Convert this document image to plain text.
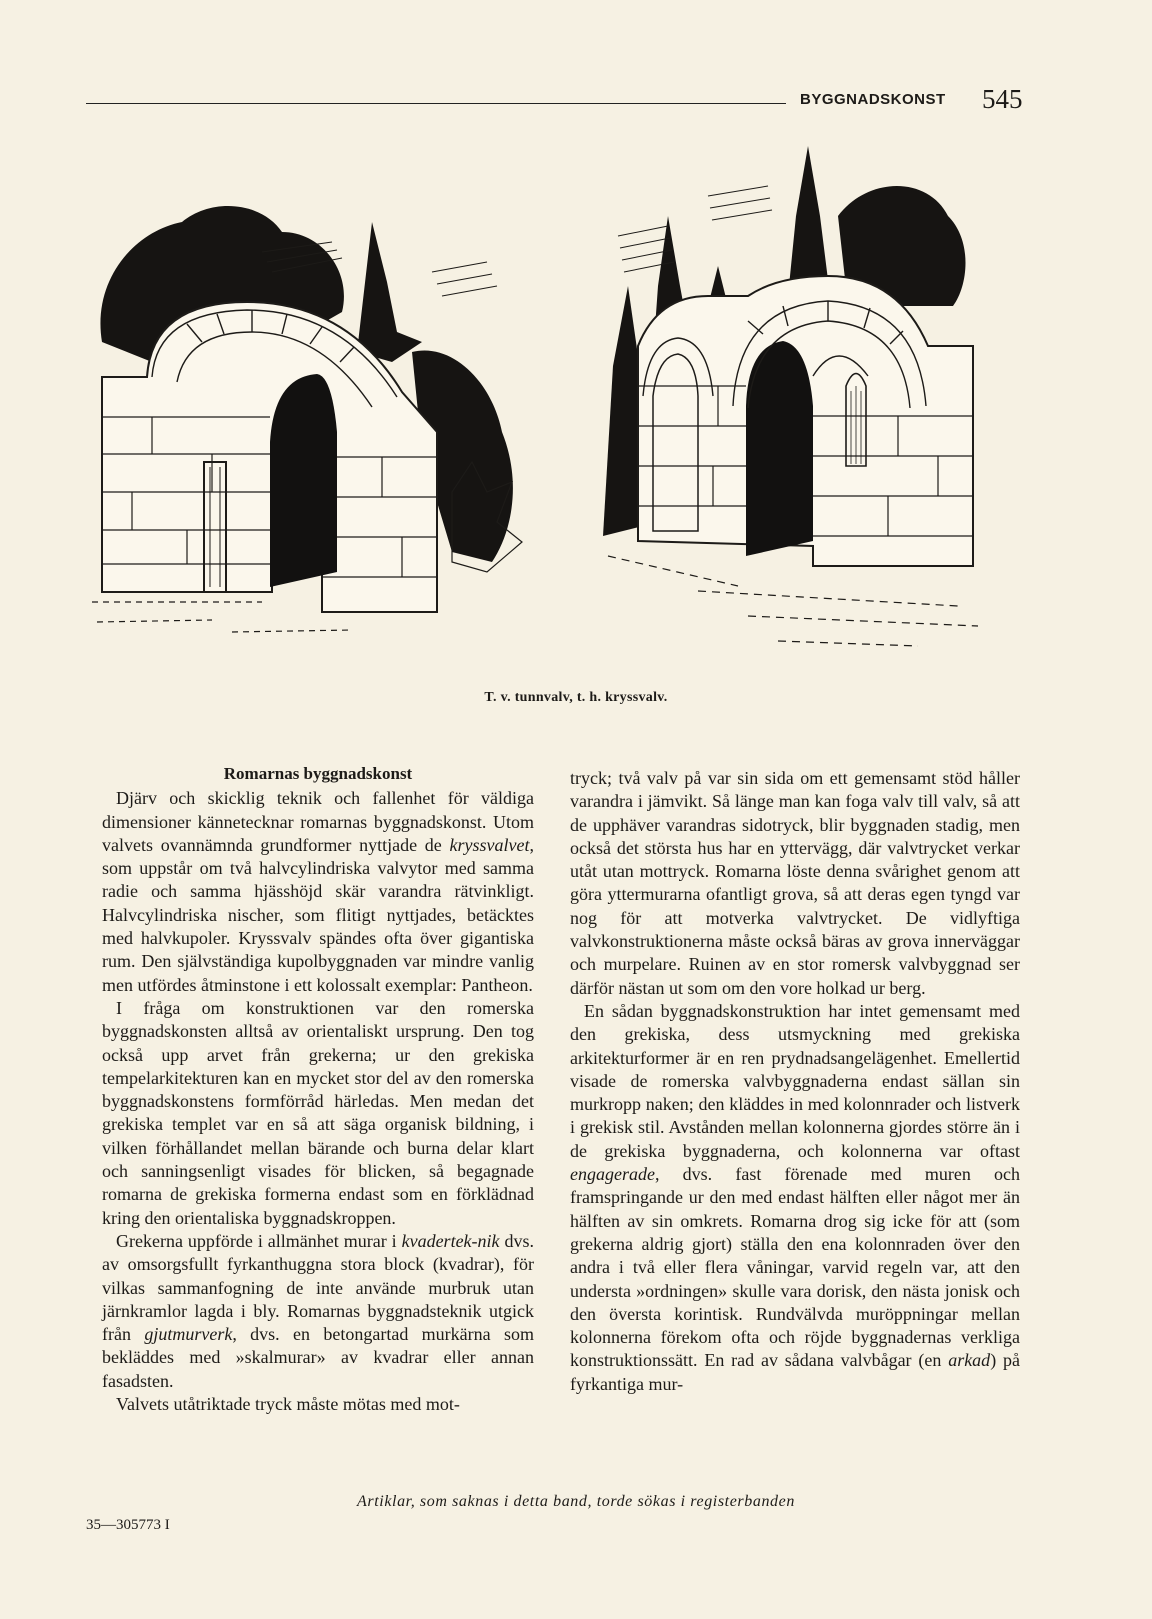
BYGGNADSKONST 545
T. v. tunnvalv, t. h. kryssvalv.
Romarnas byggnadskonst

Djärv och skicklig teknik och fallenhet för väldiga dimensioner kännetecknar romarnas byggnadskonst. Utom valvets ovannämnda grundformer nyttjade de kryssvalvet, som uppstår om två halvcylindriska valvytor med samma radie och samma hjässhöjd skär varandra rätvinkligt. Halvcylindriska nischer, som flitigt nyttjades, betäcktes med halvkupoler. Kryssvalv spändes ofta över gigantiska rum. Den självständiga kupolbyggnaden var mindre vanlig men utfördes åtminstone i ett kolossalt exemplar: Pantheon.

I fråga om konstruktionen var den romerska byggnadskonsten alltså av orientaliskt ursprung. Den tog också upp arvet från grekerna; ur den grekiska tempelarkitekturen kan en mycket stor del av den romerska byggnadskonstens formförråd härledas. Men medan det grekiska templet var en så att säga organisk bildning, i vilken förhållandet mellan bärande och burna delar klart och sanningsenligt visades för blicken, så begagnade romarna de grekiska formerna endast som en förklädnad kring den orientaliska byggnadskroppen.

Grekerna uppförde i allmänhet murar i kvadertek-nik dvs. av omsorgsfullt fyrkanthuggna stora block (kvadrar), för vilkas sammanfogning de inte använde murbruk utan järnkramlor lagda i bly. Romarnas byggnadsteknik utgick från gjutmurverk, dvs. en betongartad murkärna som bekläddes med »skalmurar» av kvadrar eller annan fasadsten.

Valvets utåtriktade tryck måste mötas med mot-

tryck; två valv på var sin sida om ett gemensamt stöd håller varandra i jämvikt. Så länge man kan foga valv till valv, så att de upphäver varandras sidotryck, blir byggnaden stadig, men också det största hus har en yttervägg, där valvtrycket verkar utåt utan mottryck. Romarna löste denna svårighet genom att göra yttermurarna ofantligt grova, så att deras egen tyngd var nog för att motverka valvtrycket. De vidlyftiga valvkonstruktionerna måste också bäras av grova innerväggar och murpelare. Ruinen av en stor romersk valvbyggnad ser därför nästan ut som om den vore holkad ur berg.

En sådan byggnadskonstruktion har intet gemensamt med den grekiska, dess utsmyckning med grekiska arkitekturformer är en ren prydnadsangelägenhet. Emellertid visade de romerska valvbyggnaderna endast sällan sin murkropp naken; den kläddes in med kolonnrader och listverk i grekisk stil. Avstånden mellan kolonnerna gjordes större än i de grekiska byggnaderna, och kolonnerna var oftast engagerade, dvs. fast förenade med muren och framspringande ur den med endast hälften eller något mer än hälften av sin omkrets. Romarna drog sig icke för att (som grekerna aldrig gjort) ställa den ena kolonnraden över den andra i två eller flera våningar, varvid regeln var, att den understa »ordningen» skulle vara dorisk, den nästa jonisk och den översta korintisk. Rundvälvda muröppningar mellan kolonnerna förekom ofta och röjde byggnadernas verkliga konstruktionssätt. En rad av sådana valvbågar (en arkad) på fyrkantiga mur-

Artiklar, som saknas i detta band, torde sökas i registerbanden
35—305773 I
